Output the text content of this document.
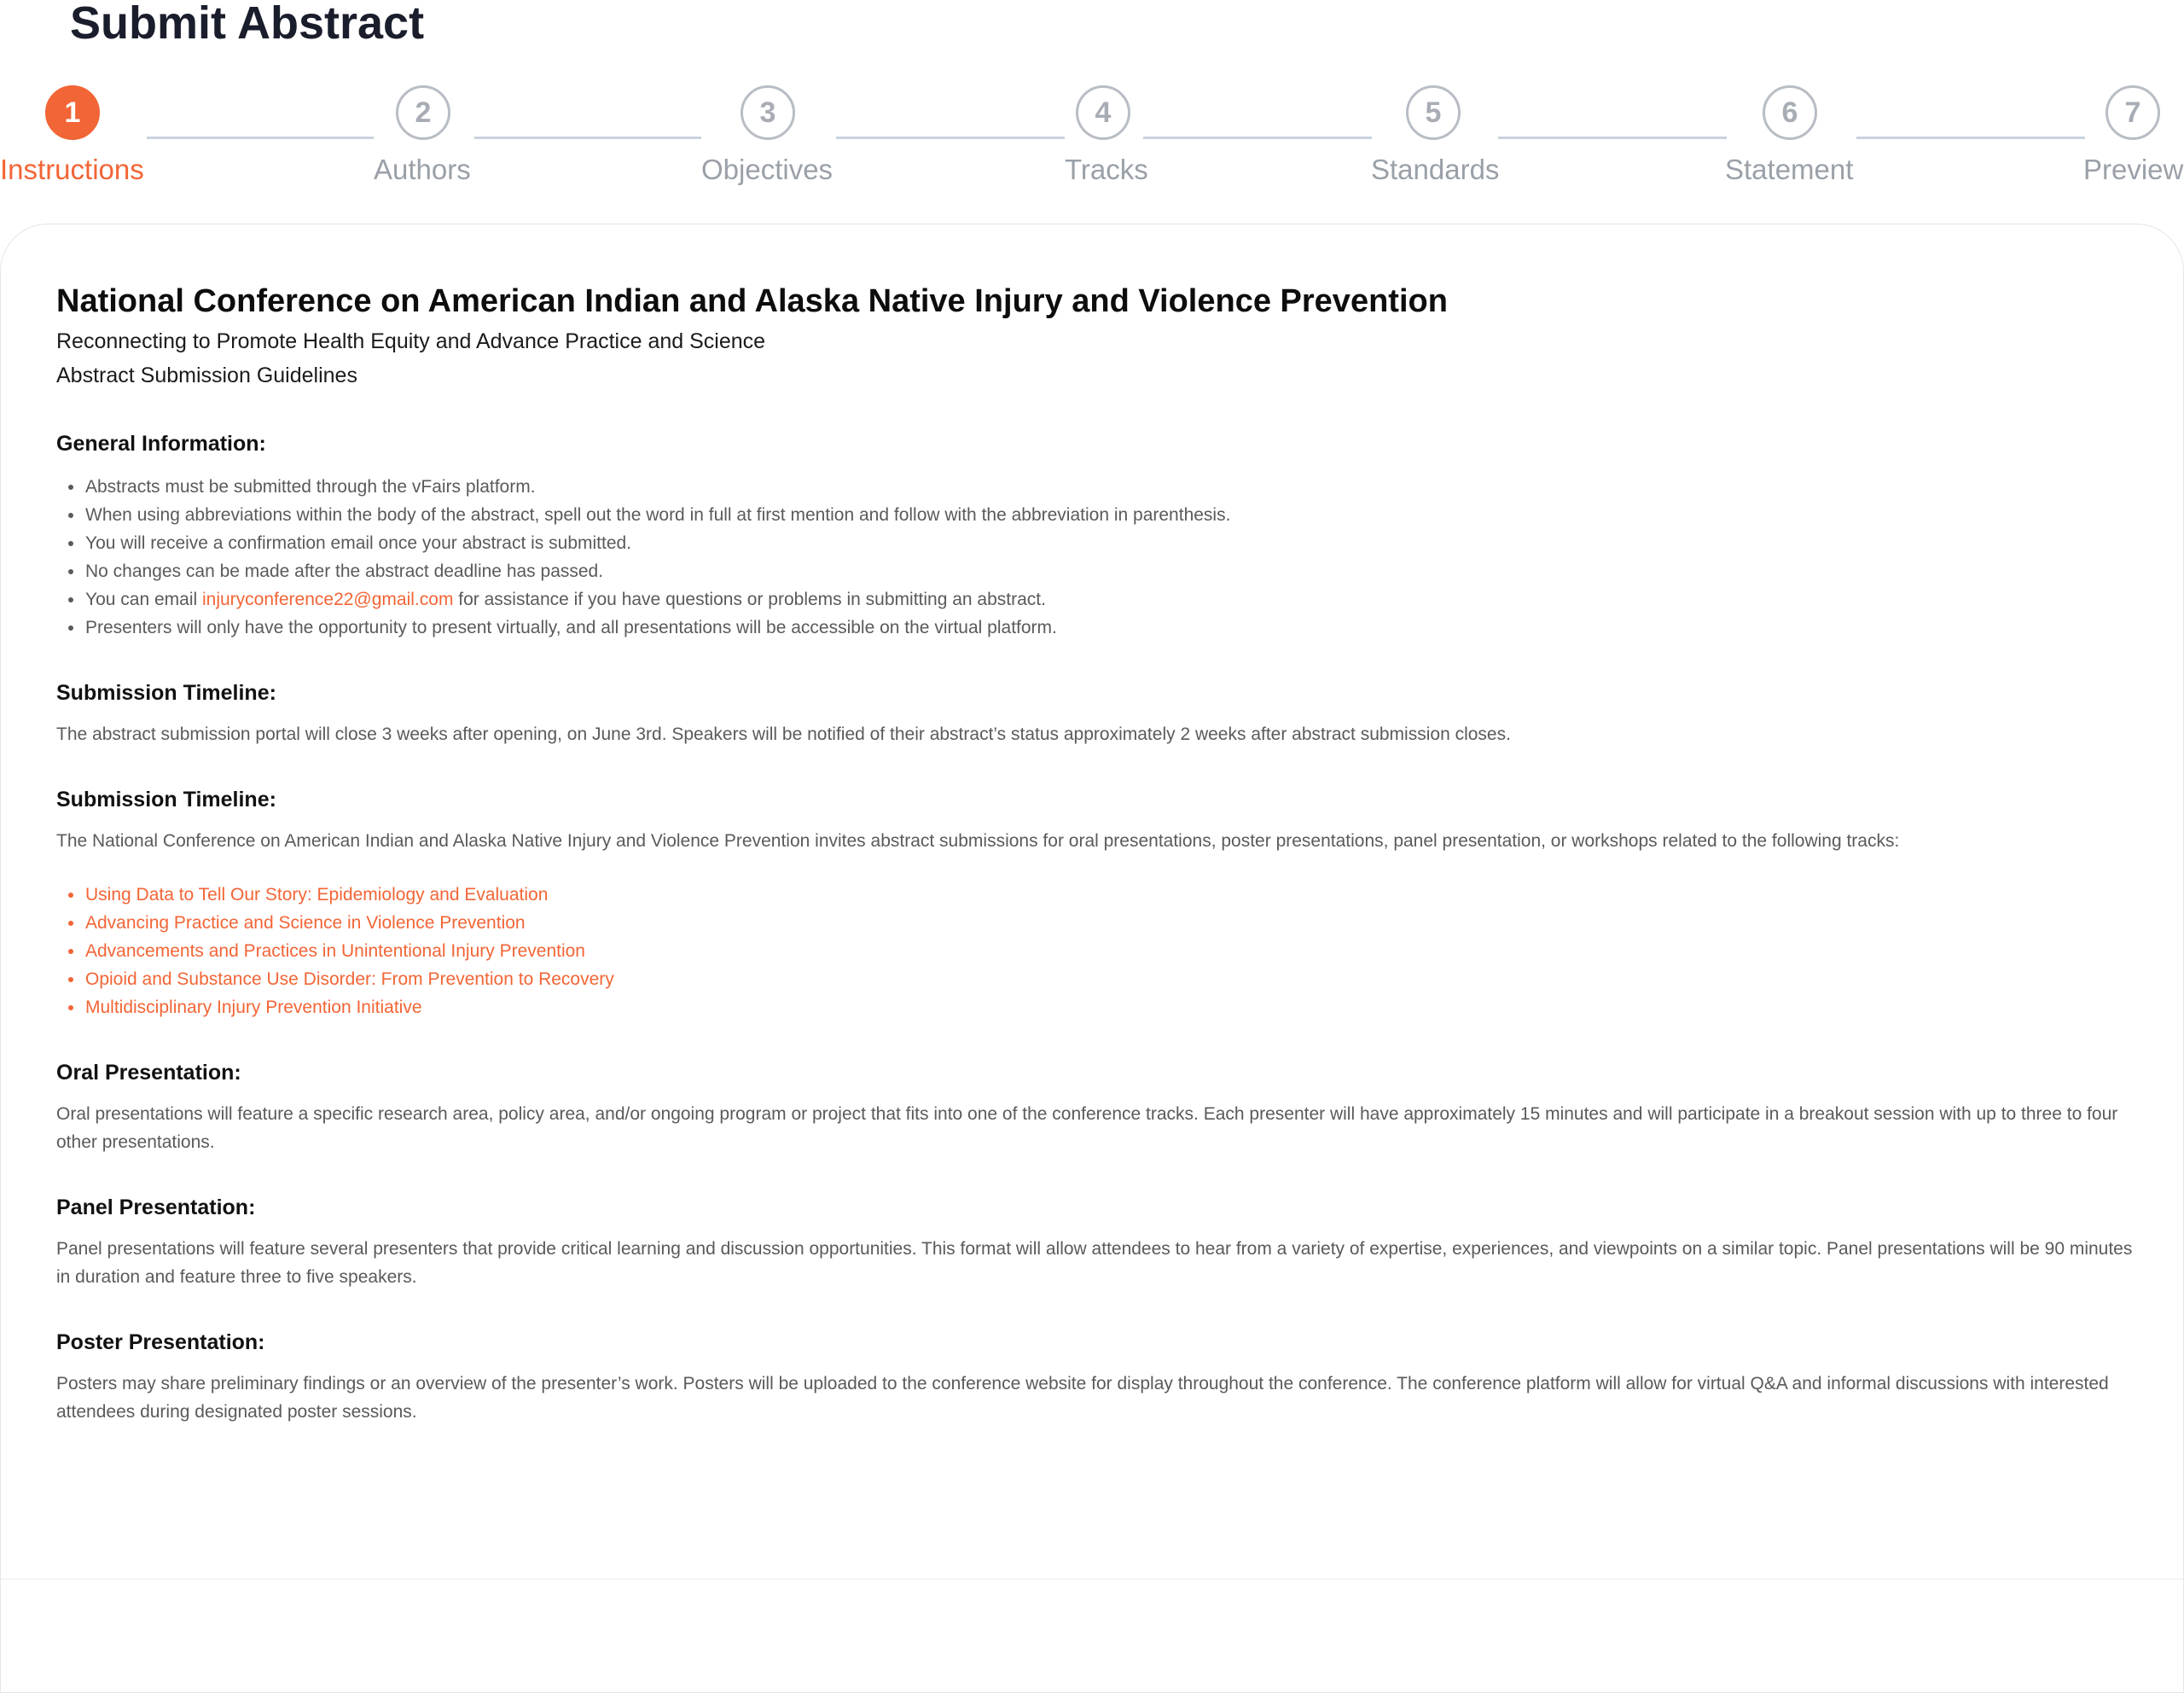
Submit Abstract
1
Instructions
2
Authors
3
Objectives
4
Tracks
5
Standards
6
Statement
7
Preview
National Conference on American Indian and Alaska Native Injury and Violence Prevention
Reconnecting to Promote Health Equity and Advance Practice and Science
Abstract Submission Guidelines
General Information:
Abstracts must be submitted through the vFairs platform.
When using abbreviations within the body of the abstract, spell out the word in full at first mention and follow with the abbreviation in parenthesis.
You will receive a confirmation email once your abstract is submitted.
No changes can be made after the abstract deadline has passed.
You can email injuryconference22@gmail.com for assistance if you have questions or problems in submitting an abstract.
Presenters will only have the opportunity to present virtually, and all presentations will be accessible on the virtual platform.
Submission Timeline:

The abstract submission portal will close 3 weeks after opening, on June 3rd. Speakers will be notified of their abstract’s status approximately 2 weeks after abstract submission closes.

Submission Timeline:

The National Conference on American Indian and Alaska Native Injury and Violence Prevention invites abstract submissions for oral presentations, poster presentations, panel presentation, or workshops related to the following tracks:

Using Data to Tell Our Story: Epidemiology and Evaluation
Advancing Practice and Science in Violence Prevention
Advancements and Practices in Unintentional Injury Prevention
Opioid and Substance Use Disorder: From Prevention to Recovery
Multidisciplinary Injury Prevention Initiative
Oral Presentation:

Oral presentations will feature a specific research area, policy area, and/or ongoing program or project that fits into one of the conference tracks. Each presenter will have approximately 15 minutes and will participate in a breakout session with up to three to four other presentations.

Panel Presentation:

Panel presentations will feature several presenters that provide critical learning and discussion opportunities. This format will allow attendees to hear from a variety of expertise, experiences, and viewpoints on a similar topic. Panel presentations will be 90 minutes in duration and feature three to five speakers.

Poster Presentation:

Posters may share preliminary findings or an overview of the presenter’s work. Posters will be uploaded to the conference website for display throughout the conference. The conference platform will allow for virtual Q&A and informal discussions with interested attendees during designated poster sessions.
